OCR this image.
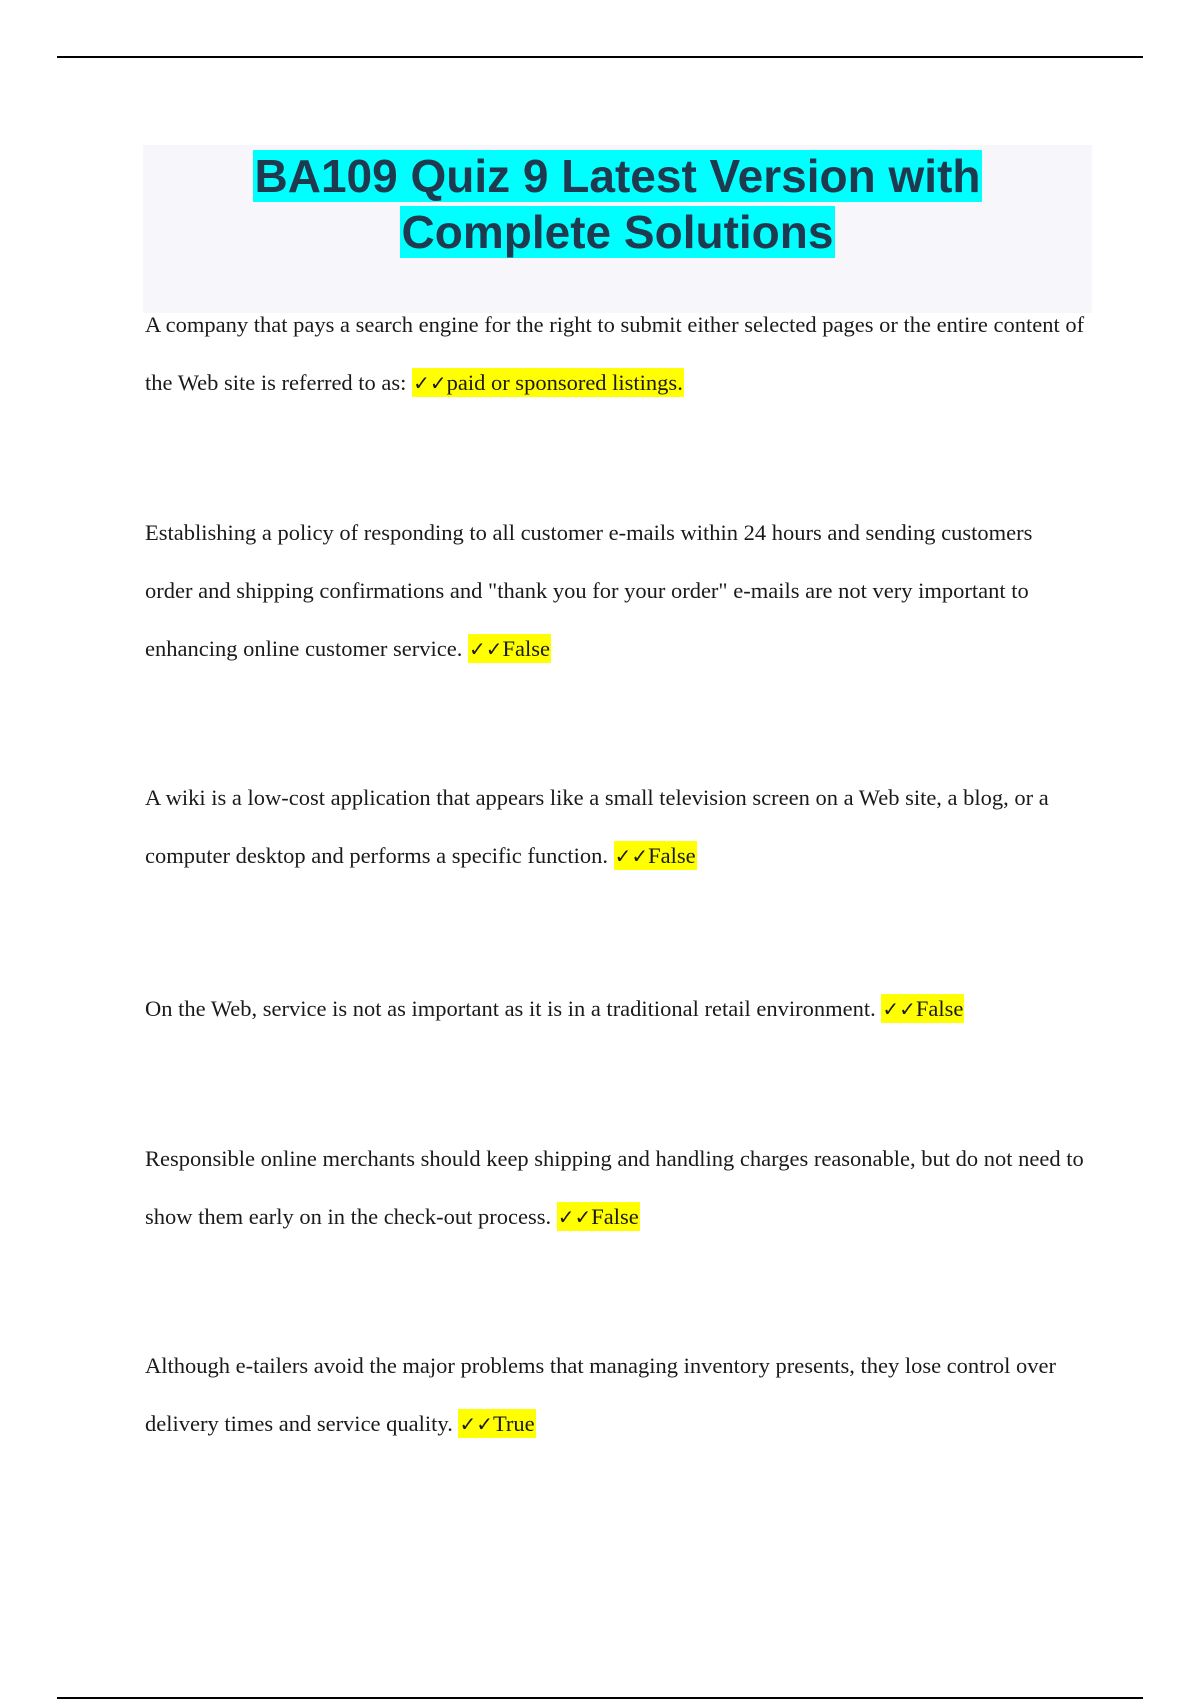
BA109 Quiz 9 Latest Version with
Complete Solutions
A company that pays a search engine for the right to submit either selected pages or the entire content of the Web site is referred to as: ✓✓paid or sponsored listings.
Establishing a policy of responding to all customer e-mails within 24 hours and sending customers order and shipping confirmations and "thank you for your order" e-mails are not very important to enhancing online customer service. ✓✓False
A wiki is a low-cost application that appears like a small television screen on a Web site, a blog, or a computer desktop and performs a specific function. ✓✓False
On the Web, service is not as important as it is in a traditional retail environment. ✓✓False
Responsible online merchants should keep shipping and handling charges reasonable, but do not need to show them early on in the check-out process. ✓✓False
Although e-tailers avoid the major problems that managing inventory presents, they lose control over delivery times and service quality. ✓✓True
